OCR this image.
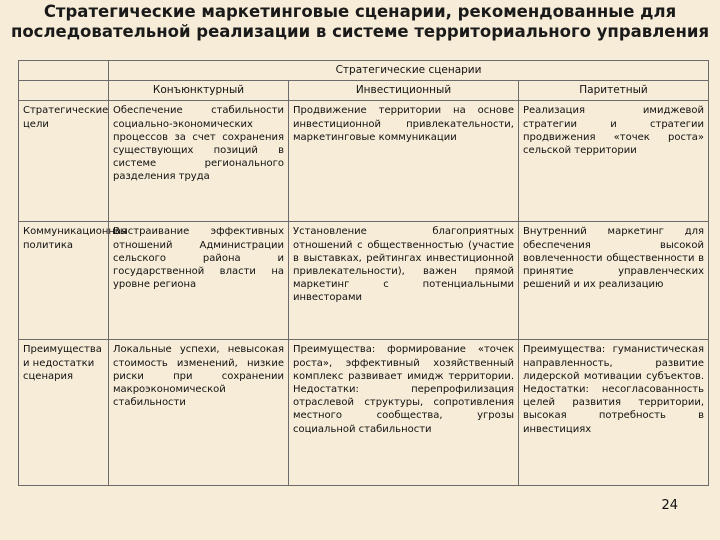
Стратегические маркетинговые сценарии, рекомендованные для
последовательной реализации в системе территориального управления
	Стратегические сценарии		
	Конъюнктурный	Инвестиционный	Паритетный
Стратегические цели	Обеспечение стабильности социально-экономических процессов за счет сохранения существующих позиций в системе регионального разделения труда	Продвижение территории на основе инвестиционной привлекательности, маркетинговые коммуникации	Реализация имиджевой стратегии и стратегии продвижения «точек роста» сельской территории
Коммуникационная политика	Выстраивание эффективных отношений Администрации сельского района и государственной власти на уровне региона	Установление благоприятных отношений с общественностью (участие в выставках, рейтингах инвестиционной привлекательности), важен прямой маркетинг с потенциальными инвесторами	Внутренний маркетинг для обеспечения высокой вовлеченности общественности в принятие управленческих решений и их реализацию
Преимущества и недостатки сценария	Локальные успехи, невысокая стоимость изменений, низкие риски при сохранении макроэкономической стабильности	Преимущества: формирование «точек роста», эффективный хозяйственный комплекс развивает имидж территории. Недостатки: перепрофилизация отраслевой структуры, сопротивления местного сообщества, угрозы социальной стабильности	Преимущества: гуманистическая направленность, развитие лидерской мотивации субъектов. Недостатки: несогласованность целей развития территории, высокая потребность в инвестициях
24
